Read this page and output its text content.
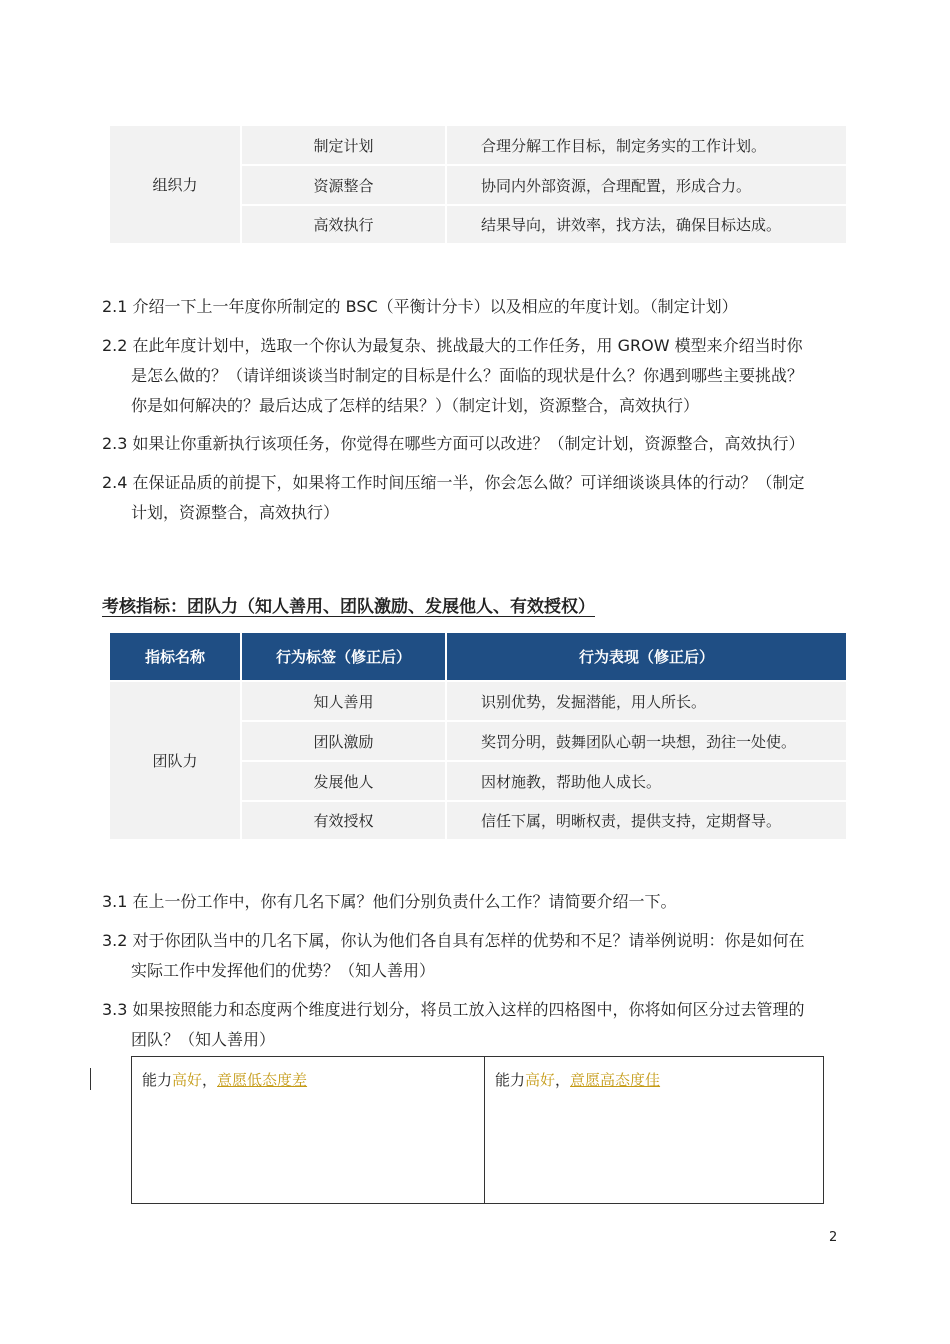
组织力
制定计划	合理分解工作目标，制定务实的工作计划。
资源整合	协同内外部资源，合理配置，形成合力。
高效执行	结果导向，讲效率，找方法，确保目标达成。
2.1 介绍一下上一年度你所制定的 BSC（平衡计分卡）以及相应的年度计划。（制定计划）
2.2 在此年度计划中，选取一个你认为最复杂、挑战最大的工作任务，用 GROW 模型来介绍当时你
是怎么做的？（请详细谈谈当时制定的目标是什么？面临的现状是什么？你遇到哪些主要挑战？
你是如何解决的？最后达成了怎样的结果？）（制定计划，资源整合，高效执行）
2.3 如果让你重新执行该项任务，你觉得在哪些方面可以改进？（制定计划，资源整合，高效执行）
2.4 在保证品质的前提下，如果将工作时间压缩一半，你会怎么做？可详细谈谈具体的行动？（制定
计划，资源整合，高效执行）
考核指标：团队力（知人善用、团队激励、发展他人、有效授权）
指标名称	行为标签（修正后）	行为表现（修正后）
团队力
知人善用	识别优势，发掘潜能，用人所长。
团队激励	奖罚分明，鼓舞团队心朝一块想，劲往一处使。
发展他人	因材施教，帮助他人成长。
有效授权	信任下属，明晰权责，提供支持，定期督导。
3.1 在上一份工作中，你有几名下属？他们分别负责什么工作？请简要介绍一下。
3.2 对于你团队当中的几名下属，你认为他们各自具有怎样的优势和不足？请举例说明：你是如何在
实际工作中发挥他们的优势？（知人善用）
3.3 如果按照能力和态度两个维度进行划分，将员工放入这样的四格图中，你将如何区分过去管理的
团队？（知人善用）
能力高好，意愿低态度差	能力高好，意愿高态度佳
2
